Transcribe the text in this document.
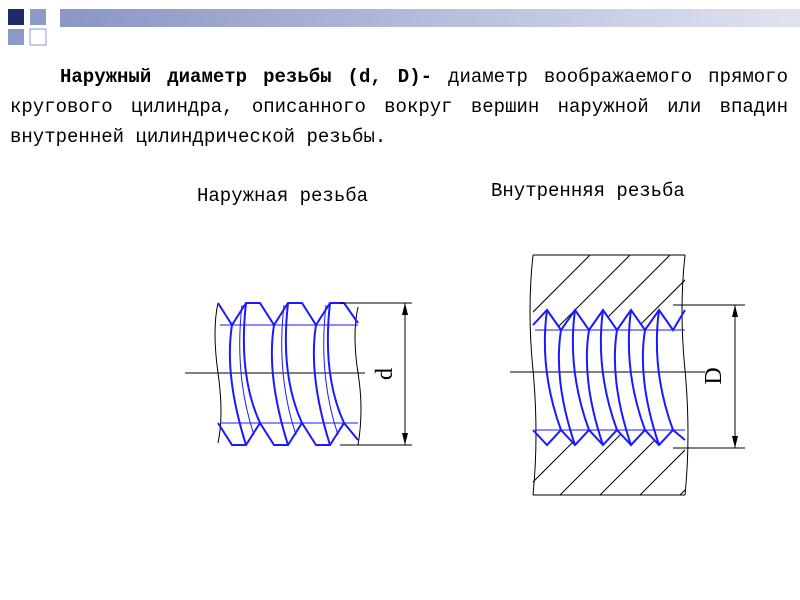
Наружный диаметр резьбы (d, D)- диаметр воображаемого прямого кругового цилиндра, описанного вокруг вершин наружной или впадин внутренней цилиндрической резьбы.

Наружная резьба	Внутренняя резьба
d	D
